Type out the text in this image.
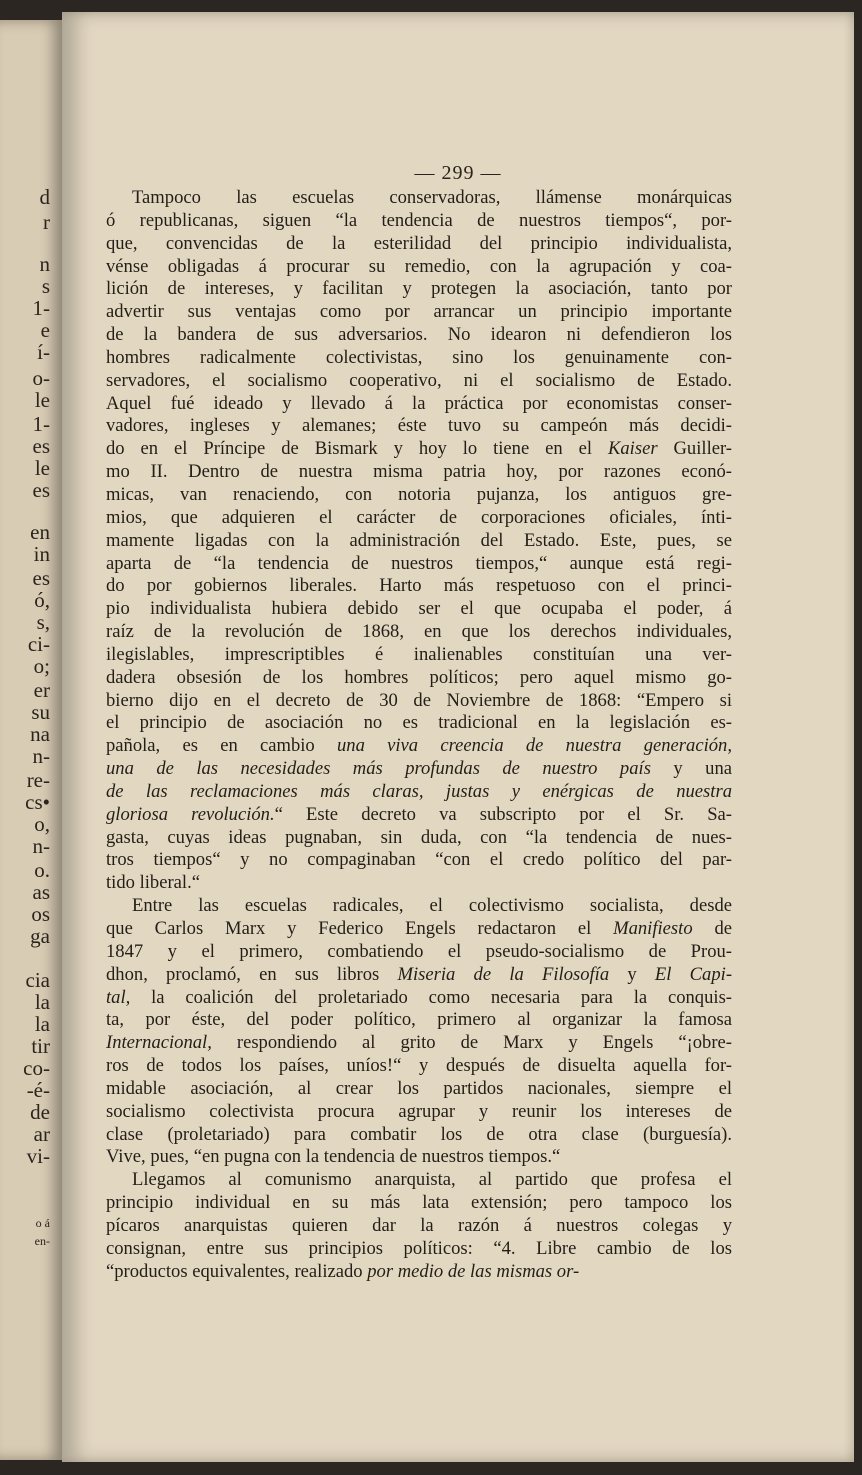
d
r
n
s
1-
e
í-
o-
le
1-
es
le
es
en
in
es
ó,
s,
ci-
o;
er
su
na
n-
re-
cs•
o,
n-
o.
as
os
ga
cia
la
la
tir
co-
-é-
de
ar
vi-
o á
en-
— 299 —

Tampoco las escuelas conservadoras, llámense monárquicas
ó republicanas, siguen “la tendencia de nuestros tiempos“, por-
que, convencidas de la esterilidad del principio individualista,
vénse obligadas á procurar su remedio, con la agrupación y coa-
lición de intereses, y facilitan y protegen la asociación, tanto por
advertir sus ventajas como por arrancar un principio importante
de la bandera de sus adversarios. No idearon ni defendieron los
hombres radicalmente colectivistas, sino los genuinamente con-
servadores, el socialismo cooperativo, ni el socialismo de Estado.
Aquel fué ideado y llevado á la práctica por economistas conser-
vadores, ingleses y alemanes; éste tuvo su campeón más decidi-
do en el Príncipe de Bismark y hoy lo tiene en el Kaiser Guiller-
mo II. Dentro de nuestra misma patria hoy, por razones econó-
micas, van renaciendo, con notoria pujanza, los antiguos gre-
mios, que adquieren el carácter de corporaciones oficiales, ínti-
mamente ligadas con la administración del Estado. Este, pues, se
aparta de “la tendencia de nuestros tiempos,“ aunque está regi-
do por gobiernos liberales. Harto más respetuoso con el princi-
pio individualista hubiera debido ser el que ocupaba el poder, á
raíz de la revolución de 1868, en que los derechos individuales,
ilegislables, imprescriptibles é inalienables constituían una ver-
dadera obsesión de los hombres políticos; pero aquel mismo go-
bierno dijo en el decreto de 30 de Noviembre de 1868: “Empero si
el principio de asociación no es tradicional en la legislación es-
pañola, es en cambio una viva creencia de nuestra generación,
una de las necesidades más profundas de nuestro país y una
de las reclamaciones más claras, justas y enérgicas de nuestra
gloriosa revolución.“ Este decreto va subscripto por el Sr. Sa-
gasta, cuyas ideas pugnaban, sin duda, con “la tendencia de nues-
tros tiempos“ y no compaginaban “con el credo político del par-
tido liberal.“

Entre las escuelas radicales, el colectivismo socialista, desde
que Carlos Marx y Federico Engels redactaron el Manifiesto de
1847 y el primero, combatiendo el pseudo-socialismo de Prou-
dhon, proclamó, en sus libros Miseria de la Filosofía y El Capi-
tal, la coalición del proletariado como necesaria para la conquis-
ta, por éste, del poder político, primero al organizar la famosa
Internacional, respondiendo al grito de Marx y Engels “¡obre-
ros de todos los países, uníos!“ y después de disuelta aquella for-
midable asociación, al crear los partidos nacionales, siempre el
socialismo colectivista procura agrupar y reunir los intereses de
clase (proletariado) para combatir los de otra clase (burguesía).
Vive, pues, “en pugna con la tendencia de nuestros tiempos.“

Llegamos al comunismo anarquista, al partido que profesa el
principio individual en su más lata extensión; pero tampoco los
pícaros anarquistas quieren dar la razón á nuestros colegas y
consignan, entre sus principios políticos: “4. Libre cambio de los
“productos equivalentes, realizado por medio de las mismas or-
